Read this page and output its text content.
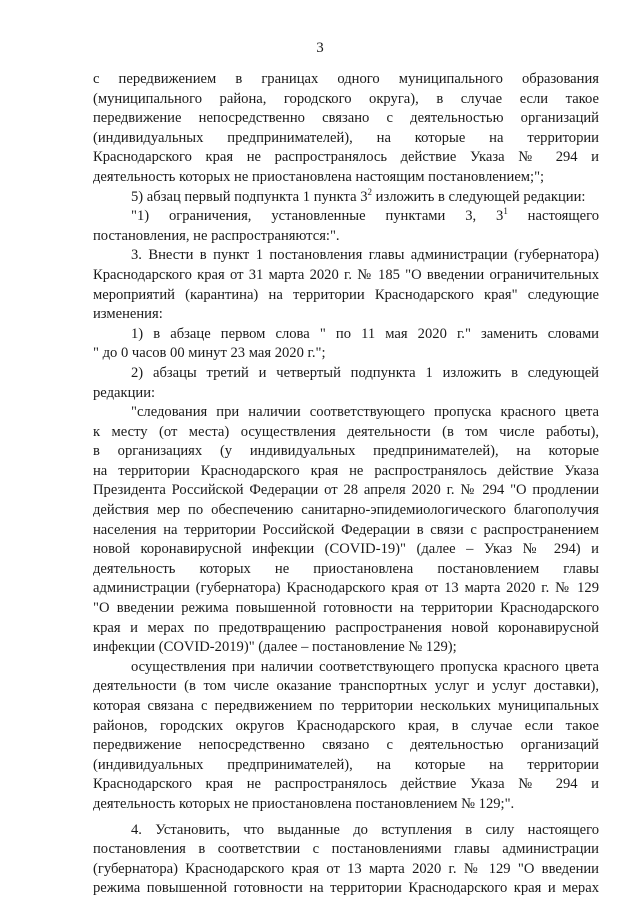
3
с передвижением в границах одного муниципального образования
(муниципального района, городского округа), в случае если такое
передвижение непосредственно связано с деятельностью организаций
(индивидуальных предпринимателей), на которые на территории
Краснодарского края не распространялось действие Указа № 294 и
деятельность которых не приостановлена настоящим постановлением;";
5) абзац первый подпункта 1 пункта $3^2$ изложить в следующей редакции:
"1) ограничения, установленные пунктами 3, $3^1$ настоящего
постановления, не распространяются:".
3. Внести в пункт 1 постановления главы администрации (губернатора)
Краснодарского края от 31 марта 2020 г. № 185 "О введении ограничительных
мероприятий (карантина) на территории Краснодарского края" следующие
изменения:
1) в абзаце первом слова " по 11 мая 2020 г." заменить словами
" до 0 часов 00 минут 23 мая 2020 г.";
2) абзацы третий и четвертый подпункта 1 изложить в следующей
редакции:
"следования при наличии соответствующего пропуска красного цвета
к месту (от места) осуществления деятельности (в том числе работы),
в организациях (у индивидуальных предпринимателей), на которые
на территории Краснодарского края не распространялось действие Указа
Президента Российской Федерации от 28 апреля 2020 г. № 294 "О продлении
действия мер по обеспечению санитарно-эпидемиологического благополучия
населения на территории Российской Федерации в связи с распространением
новой коронавирусной инфекции (COVID-19)" (далее – Указ № 294) и
деятельность которых не приостановлена постановлением главы
администрации (губернатора) Краснодарского края от 13 марта 2020 г. № 129
"О введении режима повышенной готовности на территории Краснодарского
края и мерах по предотвращению распространения новой коронавирусной
инфекции (COVID-2019)" (далее – постановление № 129);
осуществления при наличии соответствующего пропуска красного цвета
деятельности (в том числе оказание транспортных услуг и услуг доставки),
которая связана с передвижением по территории нескольких муниципальных
районов, городских округов Краснодарского края, в случае если такое
передвижение непосредственно связано с деятельностью организаций
(индивидуальных предпринимателей), на которые на территории
Краснодарского края не распространялось действие Указа № 294 и
деятельность которых не приостановлена постановлением № 129;".
4. Установить, что выданные до вступления в силу настоящего
постановления в соответствии с постановлениями главы администрации
(губернатора) Краснодарского края от 13 марта 2020 г. № 129 "О введении
режима повышенной готовности на территории Краснодарского края и мерах
